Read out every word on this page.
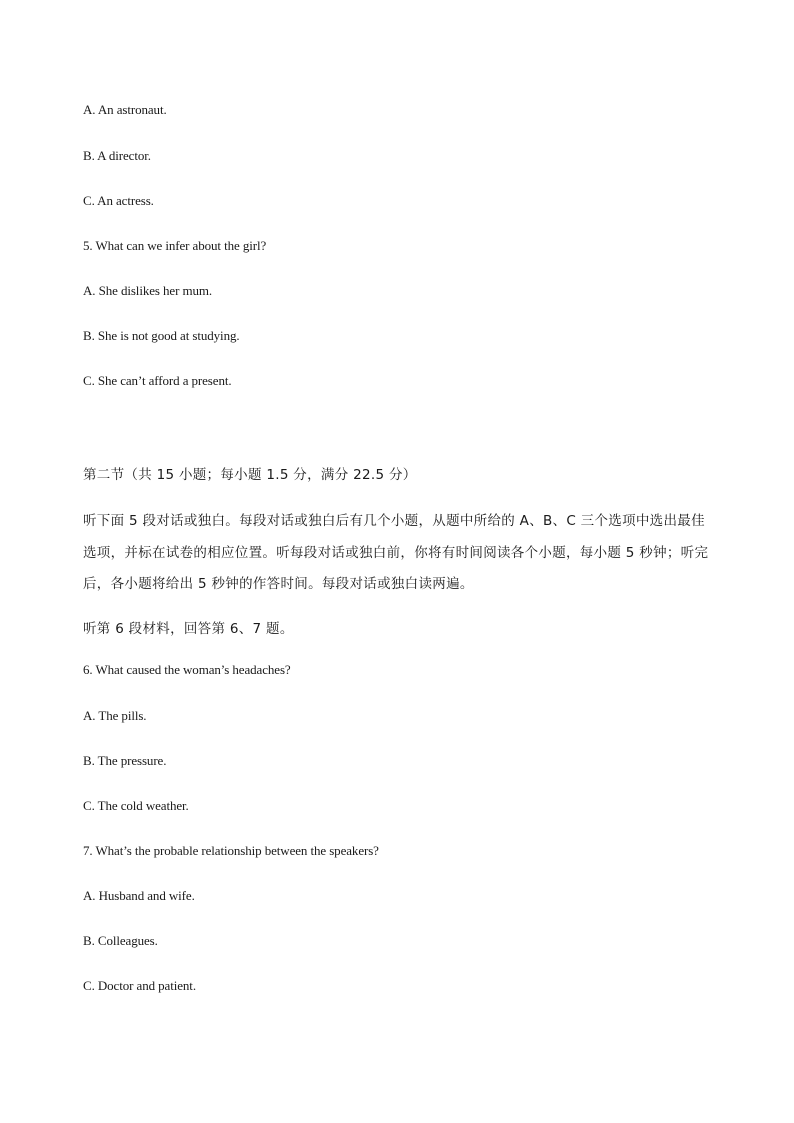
A. An astronaut.
B. A director.
C. An actress.
5. What can we infer about the girl?
A. She dislikes her mum.
B. She is not good at studying.
C. She can’t afford a present.
第二节（共 15 小题；每小题 1.5 分，满分 22.5 分）
听下面 5 段对话或独白。每段对话或独白后有几个小题，从题中所给的 A、B、C 三个选项中选出最佳
选项，并标在试卷的相应位置。听每段对话或独白前，你将有时间阅读各个小题，每小题 5 秒钟；听完
后，各小题将给出 5 秒钟的作答时间。每段对话或独白读两遍。
听第 6 段材料，回答第 6、7 题。
6. What caused the woman’s headaches?
A. The pills.
B. The pressure.
C. The cold weather.
7. What’s the probable relationship between the speakers?
A. Husband and wife.
B. Colleagues.
C. Doctor and patient.
